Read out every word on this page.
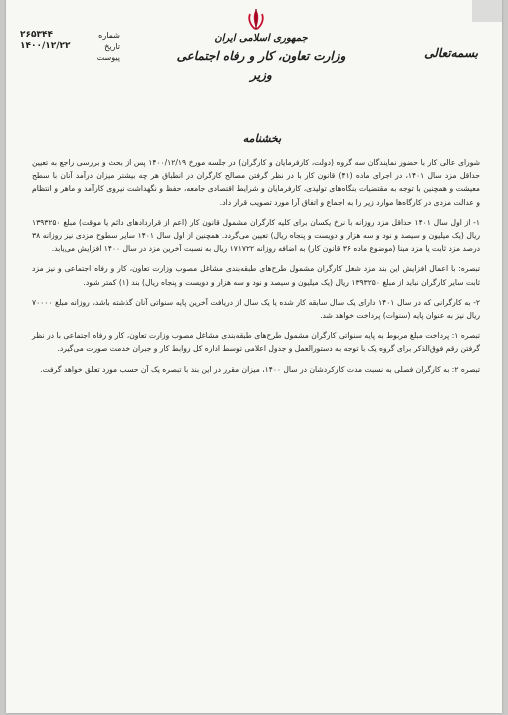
شماره
۲۶۵۳۴۴
تاریخ
۱۴۰۰/۱۲/۲۲
پیوست
جمهوری اسلامی ایران
وزارت تعاون، کار و رفاه اجتماعی
وزیر
بسمه‌تعالی
بخشنامه

شورای عالی کار با حضور نمایندگان سه گروه (دولت، کارفرمایان و کارگران) در جلسه مورخ ۱۴۰۰/۱۲/۱۹ پس از بحث و بررسی راجع به تعیین حداقل مزد سال ۱۴۰۱، در اجرای ماده (۴۱) قانون کار با در نظر گرفتن مصالح کارگران در انطباق هر چه بیشتر میزان درآمد آنان با سطح معیشت و همچنین با توجه به مقتضیات بنگاه‌های تولیدی، کارفرمایان و شرایط اقتصادی جامعه، حفظ و نگهداشت نیروی کارآمد و ماهر و انتظام و عدالت مزدی در کارگاه‌ها موارد زیر را به اجماع و اتفاق آرا مورد تصویب قرار داد.

۱- از اول سال ۱۴۰۱ حداقل مزد روزانه با نرخ یکسان برای کلیه کارگران مشمول قانون کار (اعم از قراردادهای دائم یا موقت) مبلغ ۱۳۹۳۲۵۰ ریال (یک میلیون و سیصد و نود و سه هزار و دویست و پنجاه ریال) تعیین می‌گردد. همچنین از اول سال ۱۴۰۱ سایر سطوح مزدی نیز روزانه ۳۸ درصد مزد ثابت یا مزد مبنا (موضوع ماده ۳۶ قانون کار) به اضافه روزانه ۱۷۱۷۲۲ ریال به نسبت آخرین مزد در سال ۱۴۰۰ افزایش می‌یابد.

تبصره: با اعمال افزایش این بند مزد شغل کارگران مشمول طرح‌های طبقه‌بندی مشاغل مصوب وزارت تعاون، کار و رفاه اجتماعی و نیز مزد ثابت سایر کارگران نباید از مبلغ ۱۳۹۳۲۵۰ ریال (یک میلیون و سیصد و نود و سه هزار و دویست و پنجاه ریال) بند (۱) کمتر شود.

۲- به کارگرانی که در سال ۱۴۰۱ دارای یک سال سابقه کار شده یا یک سال از دریافت آخرین پایه سنواتی آنان گذشته باشد، روزانه مبلغ ۷۰۰۰۰ ریال نیز به عنوان پایه (سنوات) پرداخت خواهد شد.

تبصره ۱: پرداخت مبلغ مربوط به پایه سنواتی کارگران مشمول طرح‌های طبقه‌بندی مشاغل مصوب وزارت تعاون، کار و رفاه اجتماعی با در نظر گرفتن رقم فوق‌الذکر برای گروه یک با توجه به دستورالعمل و جدول اعلامی توسط اداره کل روابط کار و جبران خدمت صورت می‌گیرد.

تبصره ۲: به کارگران فصلی به نسبت مدت کارکردشان در سال ۱۴۰۰، میزان مقرر در این بند با تبصره یک آن حسب مورد تعلق خواهد گرفت.
